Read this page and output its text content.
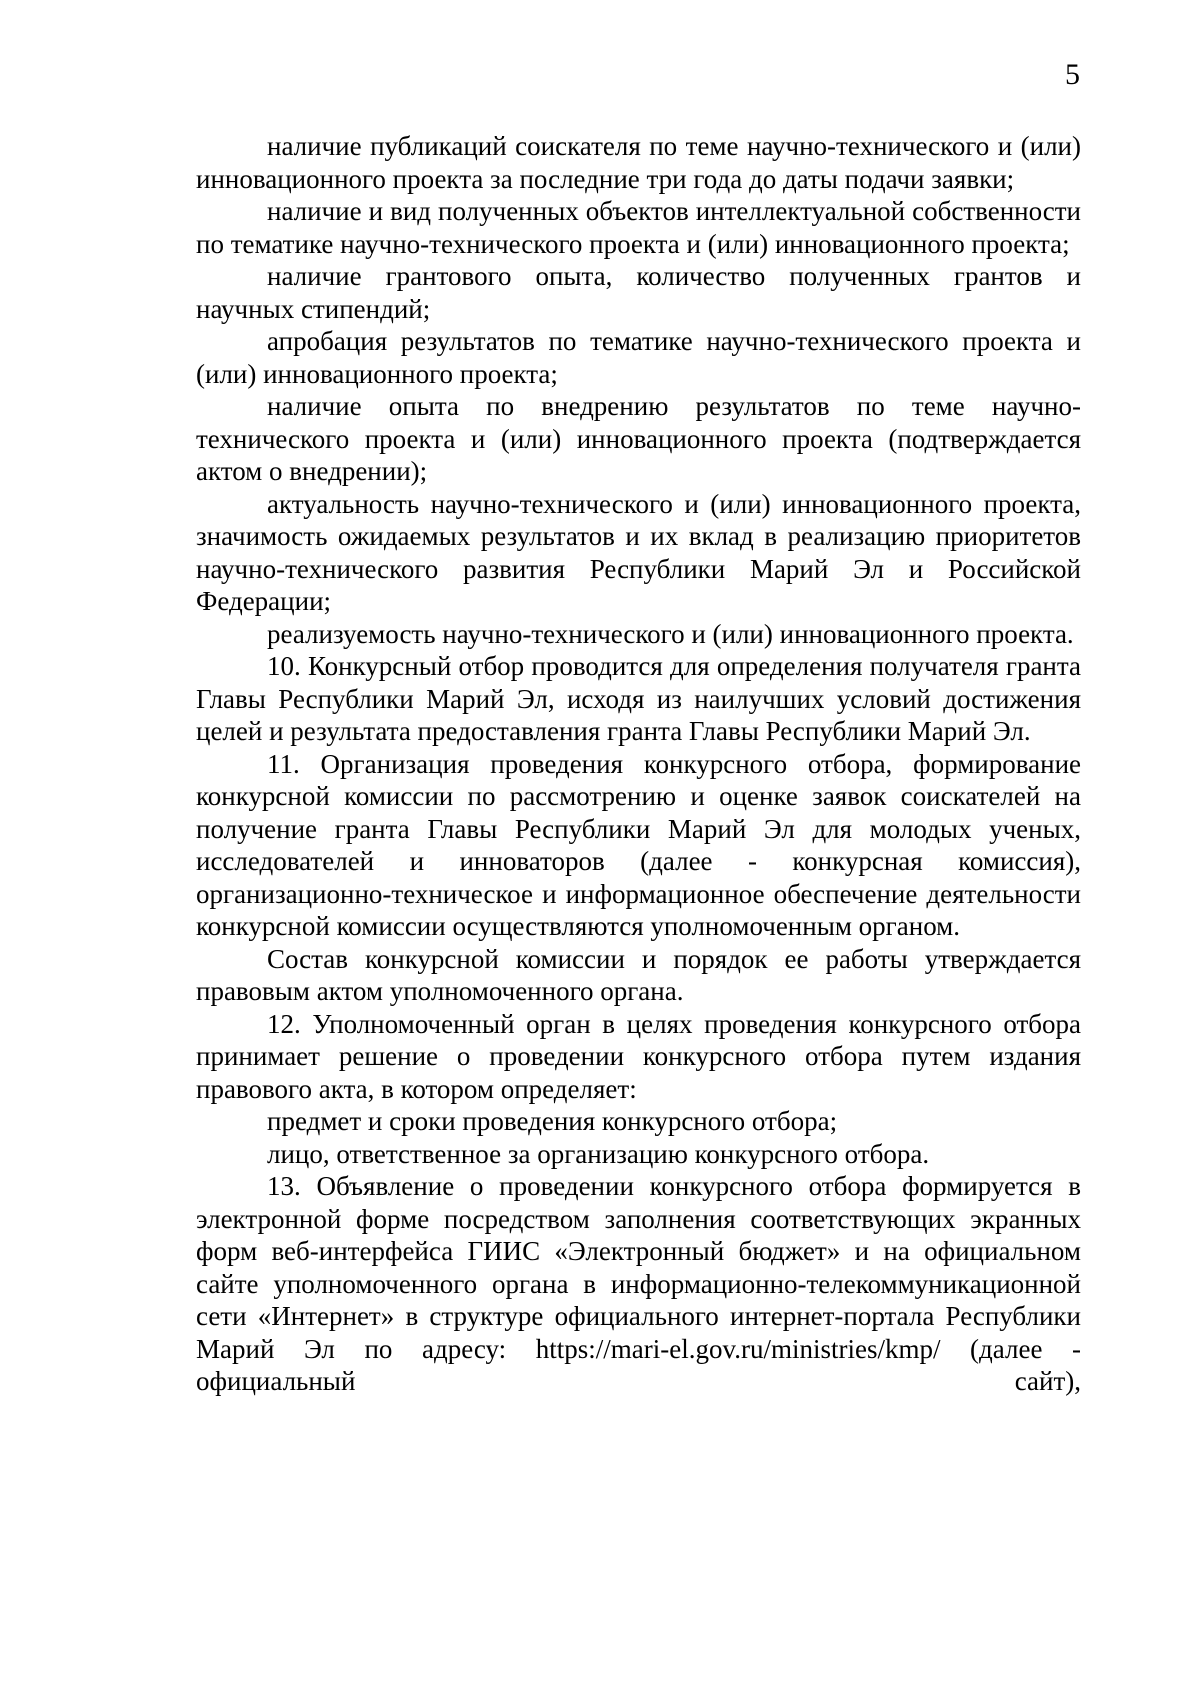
5

наличие публикаций соискателя по теме научно-технического и (или) инновационного проекта за последние три года до даты подачи заявки;

наличие и вид полученных объектов интеллектуальной собственности по тематике научно-технического проекта и (или) инновационного проекта;

наличие грантового опыта, количество полученных грантов и научных стипендий;

апробация результатов по тематике научно-технического проекта и (или) инновационного проекта;

наличие опыта по внедрению результатов по теме научно-технического проекта и (или) инновационного проекта (подтверждается актом о внедрении);

актуальность научно-технического и (или) инновационного проекта, значимость ожидаемых результатов и их вклад в реализацию приоритетов научно-технического развития Республики Марий Эл и Российской Федерации;

реализуемость научно-технического и (или) инновационного проекта.

10. Конкурсный отбор проводится для определения получателя гранта Главы Республики Марий Эл, исходя из наилучших условий достижения целей и результата предоставления гранта Главы Республики Марий Эл.

11. Организация проведения конкурсного отбора, формирование конкурсной комиссии по рассмотрению и оценке заявок соискателей на получение гранта Главы Республики Марий Эл для молодых ученых, исследователей и инноваторов (далее - конкурсная комиссия), организационно-техническое и информационное обеспечение деятельности конкурсной комиссии осуществляются уполномоченным органом.

Состав конкурсной комиссии и порядок ее работы утверждается правовым актом уполномоченного органа.

12. Уполномоченный орган в целях проведения конкурсного отбора принимает решение о проведении конкурсного отбора путем издания правового акта, в котором определяет:

предмет и сроки проведения конкурсного отбора;

лицо, ответственное за организацию конкурсного отбора.

13. Объявление о проведении конкурсного отбора формируется в электронной форме посредством заполнения соответствующих экранных форм веб-интерфейса ГИИС «Электронный бюджет» и на официальном сайте уполномоченного органа в информационно-телекоммуникационной сети «Интернет» в структуре официального интернет-портала Республики Марий Эл по адресу: https://mari-el.gov.ru/ministries/kmp/ (далее - официальный сайт),
